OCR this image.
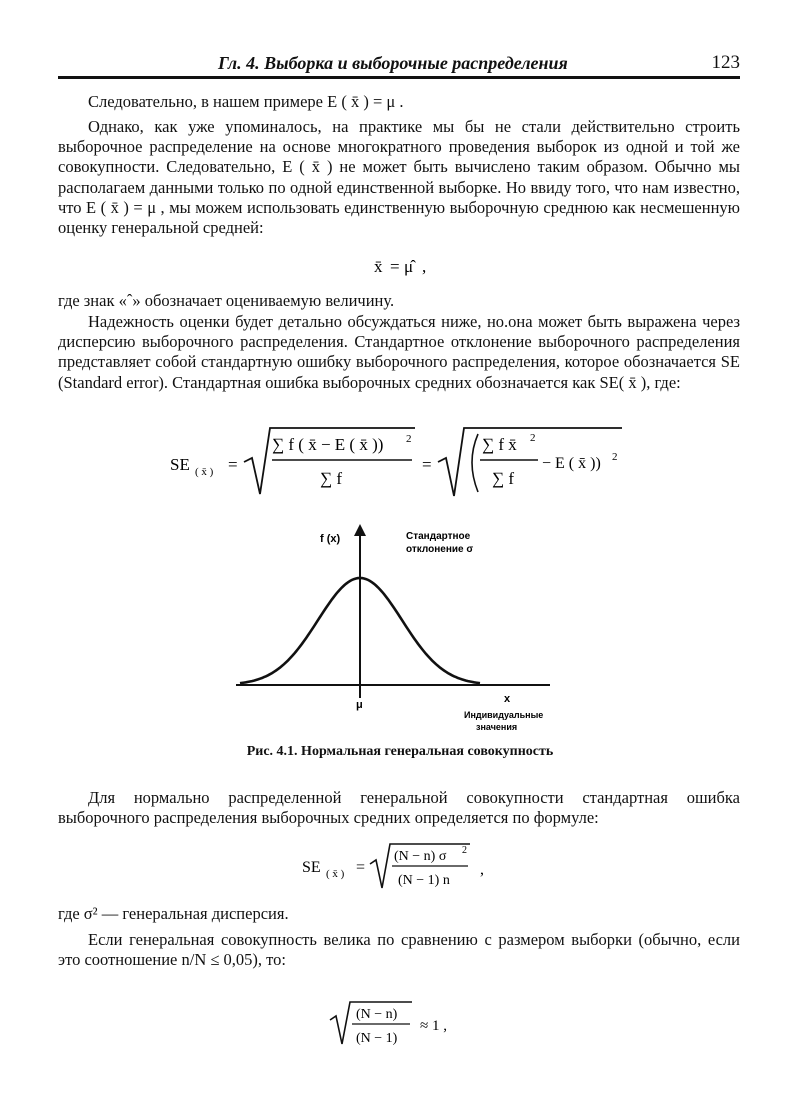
Гл. 4. Выборка и выборочные распределения	123

Следовательно, в нашем примере E ( x̄ ) = μ .

Однако, как уже упоминалось, на практике мы бы не стали действительно строить выборочное распределение на основе многократного проведения выборок из одной и той же совокупности. Следовательно, E ( x̄ ) не может быть вычислено таким образом. Обычно мы располагаем данными только по одной единственной выборке. Но ввиду того, что нам известно, что E ( x̄ ) = μ , мы можем использовать единственную выборочную среднюю как несмешенную оценку генеральной средней:

x̄ = μ̂ ,

где знак «ˆ» обозначает оцениваемую величину.

Надежность оценки будет детально обсуждаться ниже, но.она может быть выражена через дисперсию выборочного распределения. Стандартное отклонение выборочного распределения представляет собой стандартную ошибку выборочного распределения, которое обозначается SE (Standard error). Стандартная ошибка выборочных средних обозначается как SE( x̄ ), где:

SE ( x̄ ) =
∑ f ( x̄ − E ( x̄ )) 2
∑ f
=
∑ f x̄ 2
∑ f
− E ( x̄ )) 2
f (x)	Стандартное
отклонение σ
μ	x
Индивидуальные
значения
Рис. 4.1. Нормальная генеральная совокупность

Для нормально распределенной генеральной совокупности стандартная ошибка выборочного распределения выборочных средних определяется по формуле:

SE ( x̄ ) =
(N − n) σ 2
(N − 1) n
,

где σ² — генеральная дисперсия.

Если генеральная совокупность велика по сравнению с размером выборки (обычно, если это соотношение n/N ≤ 0,05), то:

(N − n)
(N − 1)
≈ 1 ,
